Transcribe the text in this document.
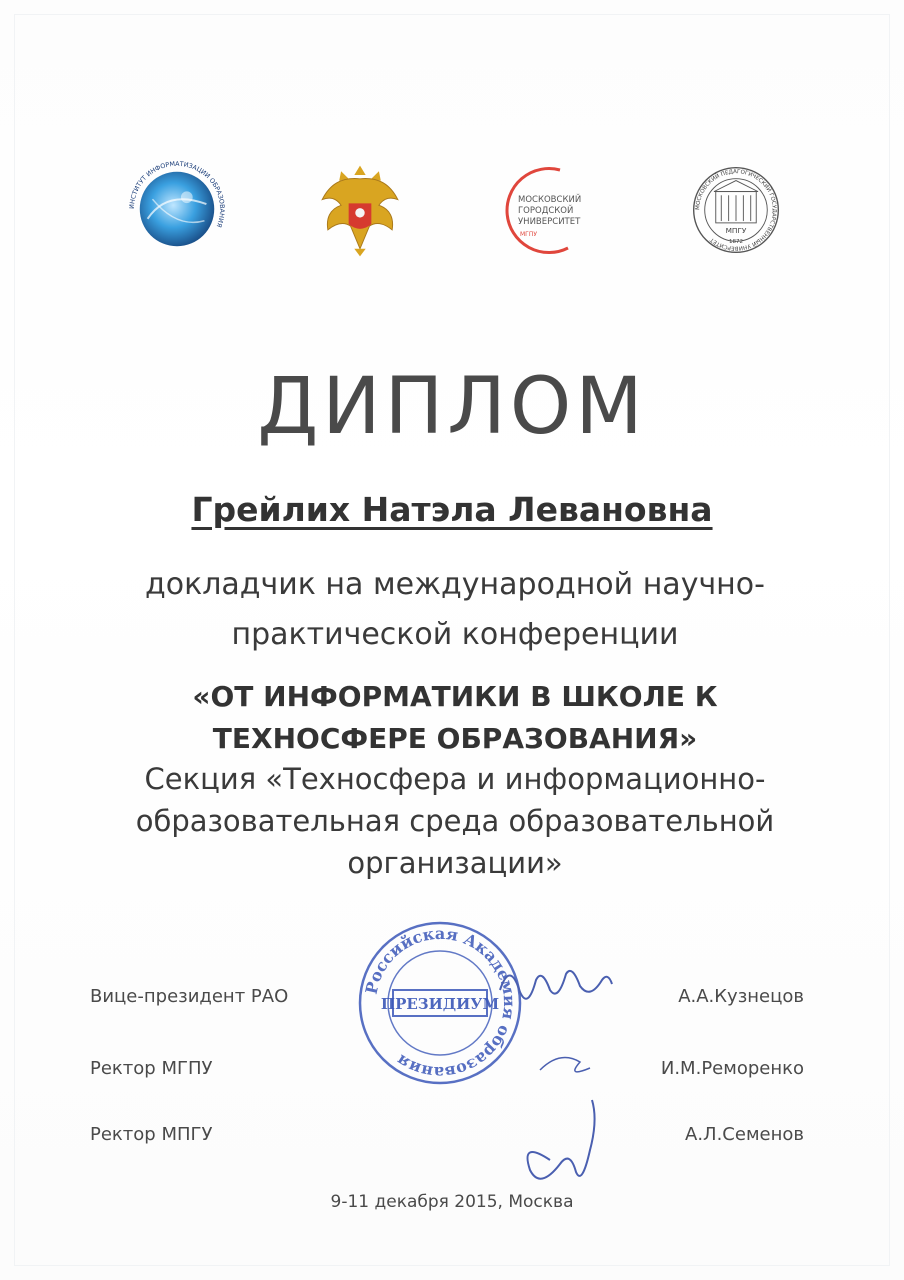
ИНСТИТУТ ИНФОРМАТИЗАЦИИ ОБРАЗОВАНИЯ
МОСКОВСКИЙ
ГОРОДСКОЙ
УНИВЕРСИТЕТ
МГПУ
МОСКОВСКИЙ ПЕДАГОГИЧЕСКИЙ ГОСУДАРСТВЕННЫЙ УНИВЕРСИТЕТ
МПГУ
1872
ДИПЛОМ
Грейлих Натэла Левановна
докладчик на международной научно-
практической конференции
«ОТ ИНФОРМАТИКИ В ШКОЛЕ К
ТЕХНОСФЕРЕ ОБРАЗОВАНИЯ»
Секция «Техносфера и информационно-
образовательная среда образовательной
организации»
Российская Академия образования
ПРЕЗИДИУМ
Вице-президент РАО	А.А.Кузнецов
Ректор МГПУ	И.М.Реморенко
Ректор МПГУ	А.Л.Семенов
9-11 декабря 2015, Москва
